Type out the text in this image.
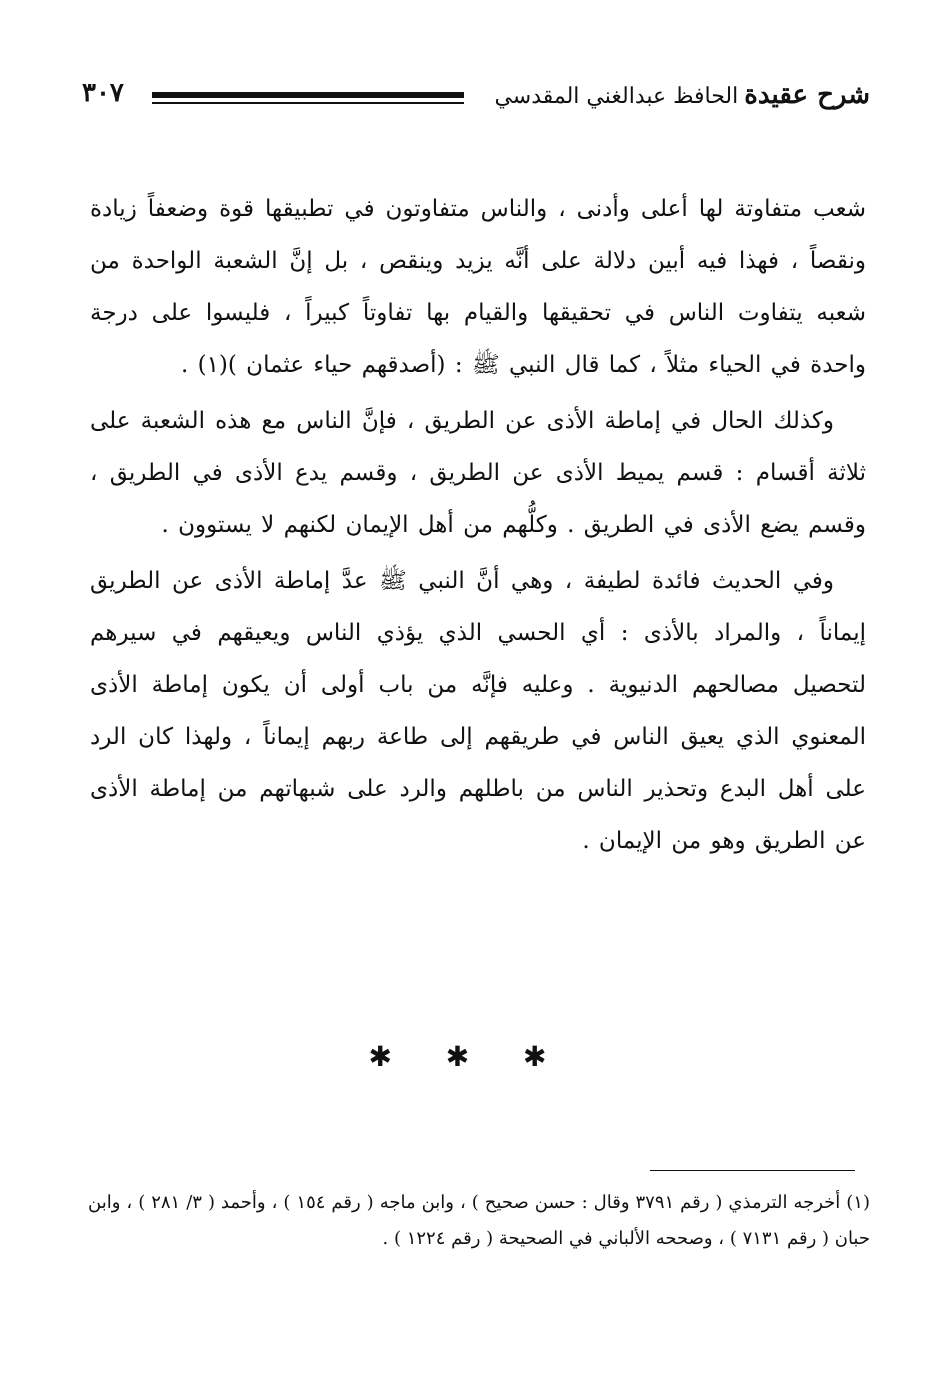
شرح عقيدة
الحافظ عبدالغني المقدسي
٣٠٧

شعب متفاوتة لها أعلى وأدنى ، والناس متفاوتون في تطبيقها قوة وضعفاً زيادة ونقصاً ، فهذا فيه أبين دلالة على أنَّه يزيد وينقص ، بل إنَّ الشعبة الواحدة من شعبه يتفاوت الناس في تحقيقها والقيام بها تفاوتاً كبيراً ، فليسوا على درجة واحدة في الحياء مثلاً ، كما قال النبي ﷺ : (أصدقهم حياء عثمان )(١) .

وكذلك الحال في إماطة الأذى عن الطريق ، فإنَّ الناس مع هذه الشعبة على ثلاثة أقسام : قسم يميط الأذى عن الطريق ، وقسم يدع الأذى في الطريق ، وقسم يضع الأذى في الطريق . وكلُّهم من أهل الإيمان لكنهم لا يستوون .

وفي الحديث فائدة لطيفة ، وهي أنَّ النبي ﷺ عدَّ إماطة الأذى عن الطريق إيماناً ، والمراد بالأذى : أي الحسي الذي يؤذي الناس ويعيقهم في سيرهم لتحصيل مصالحهم الدنيوية . وعليه فإنَّه من باب أولى أن يكون إماطة الأذى المعنوي الذي يعيق الناس في طريقهم إلى طاعة ربهم إيماناً ، ولهذا كان الرد على أهل البدع وتحذير الناس من باطلهم والرد على شبهاتهم من إماطة الأذى عن الطريق وهو من الإيمان .

✱ ✱ ✱

(١) أخرجه الترمذي ( رقم ٣٧٩١ وقال : حسن صحيح ) ، وابن ماجه ( رقم ١٥٤ ) ، وأحمد ( ٣/ ٢٨١ ) ، وابن حبان ( رقم ٧١٣١ ) ، وصححه الألباني في الصحيحة ( رقم ١٢٢٤ ) .
